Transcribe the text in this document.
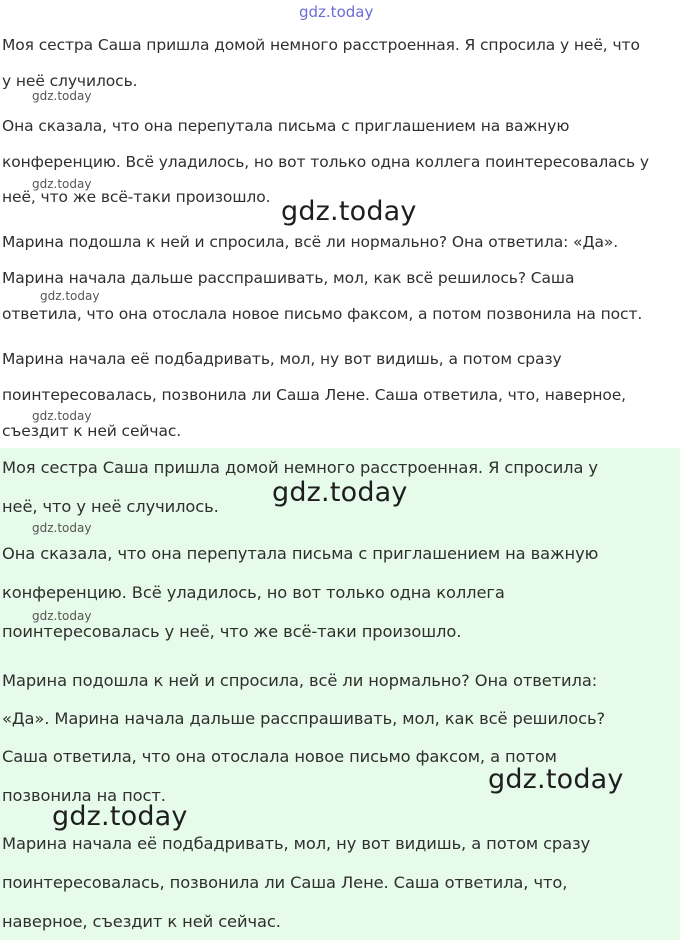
Моя сестра Саша пришла домой немного расстроенная. Я спросила у неё, что
у неё случилось.
Она сказала, что она перепутала письма с приглашением на важную
конференцию. Всё уладилось, но вот только одна коллега поинтересовалась у
неё, что же всё-таки произошло.
Марина подошла к ней и спросила, всё ли нормально? Она ответила: «Да».
Марина начала дальше расспрашивать, мол, как всё решилось? Саша
ответила, что она отослала новое письмо факсом, а потом позвонила на пост.
Марина начала её подбадривать, мол, ну вот видишь, а потом сразу
поинтересовалась, позвонила ли Саша Лене. Саша ответила, что, наверное,
съездит к ней сейчас.
Моя сестра Саша пришла домой немного расстроенная. Я спросила у
неё, что у неё случилось.
Она сказала, что она перепутала письма с приглашением на важную
конференцию. Всё уладилось, но вот только одна коллега
поинтересовалась у неё, что же всё-таки произошло.
Марина подошла к ней и спросила, всё ли нормально? Она ответила:
«Да». Марина начала дальше расспрашивать, мол, как всё решилось?
Саша ответила, что она отослала новое письмо факсом, а потом
позвонила на пост.
Марина начала её подбадривать, мол, ну вот видишь, а потом сразу
поинтересовалась, позвонила ли Саша Лене. Саша ответила, что,
наверное, съездит к ней сейчас.
gdz.today
gdz.today
gdz.today
gdz.today
gdz.today
gdz.today
gdz.today
gdz.today
gdz.today
gdz.today
gdz.today
